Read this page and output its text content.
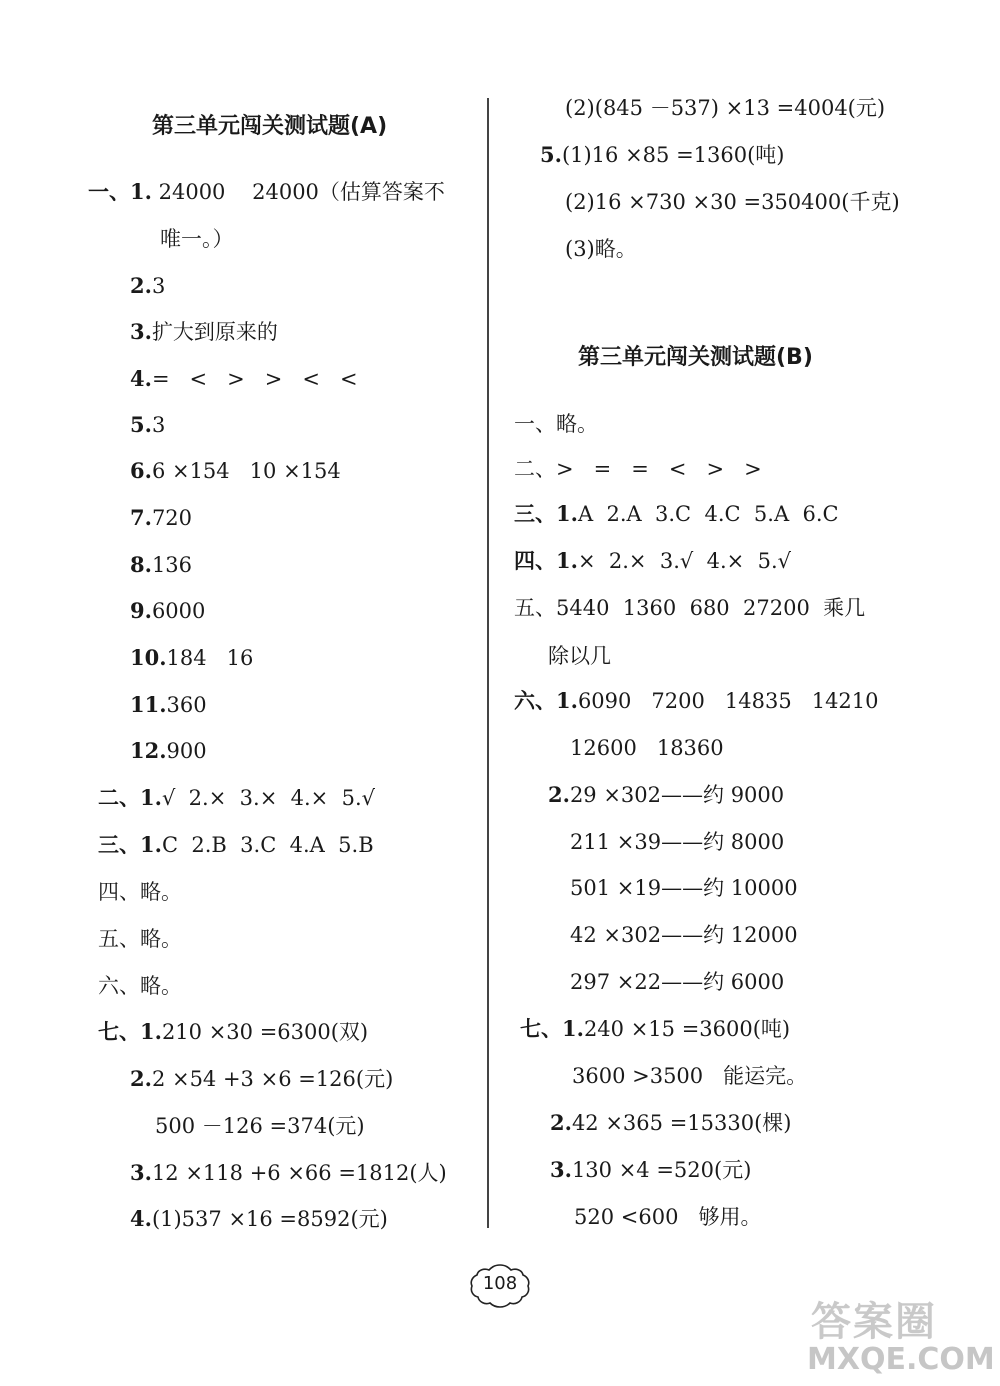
第三单元闯关测试题(A)
一、1. 24000    24000（估算答案不
唯一。）
2.3
3.扩大到原来的
4.=   <   >   >   <   <
5.3
6.6 ×154   10 ×154
7.720
8.136
9.6000
10.184   16
11.360
12.900
二、1.√  2.×  3.×  4.×  5.√
三、1.C  2.B  3.C  4.A  5.B
四、略。
五、略。
六、略。
七、1.210 ×30 =6300(双)
2.2 ×54 +3 ×6 =126(元)
500 －126 =374(元)
3.12 ×118 +6 ×66 =1812(人)
4.(1)537 ×16 =8592(元)
(2)(845 －537) ×13 =4004(元)
5.(1)16 ×85 =1360(吨)
(2)16 ×730 ×30 =350400(千克)
(3)略。
第三单元闯关测试题(B)
一、略。
二、>   =   =   <   >   >
三、1.A  2.A  3.C  4.C  5.A  6.C
四、1.×  2.×  3.√  4.×  5.√
五、5440  1360  680  27200  乘几
除以几
六、1.6090   7200   14835   14210
12600   18360
2.29 ×302——约 9000
211 ×39——约 8000
501 ×19——约 10000
42 ×302——约 12000
297 ×22——约 6000
七、1.240 ×15 =3600(吨)
3600 >3500   能运完。
2.42 ×365 =15330(棵)
3.130 ×4 =520(元)
520 <600   够用。
108
答案圈
MXQE.COM
